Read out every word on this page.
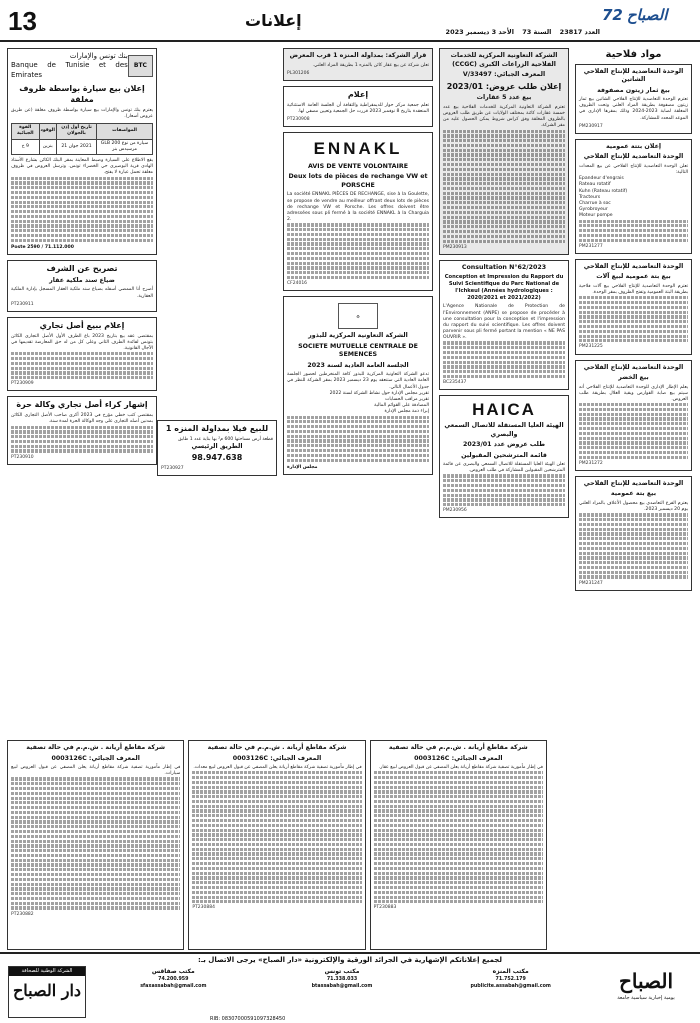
13	إعلانات	الصباح
72
العدد 23817 السنة 73 الأحد 3 ديسمبر 2023
مواد فلاحية
الوحدة التعاضدية للإنتاج الفلاحي الشاتين
بيع ثمار زيتون مصفوفة
تعتزم الوحدة التعاضدية للإنتاج الفلاحي الشاتين بيع ثمار زيتون مصفوفة بطريقة المزاد العلني وتحت الظروف المغلقة لصابة 2023-2024 وذلك بمقرها الإداري في الموعد المحدد للمشاركة.
PM230917
إعلان بتتة عمومية
الوحدة التعاضدية للإنتاج الفلاحي
تعلن الوحدة التعاضدية للإنتاج الفلاحي عن بيع المعدات التالية:
Epandeur d'engrais
Rateau rotatif
Kuhn (Rateau rotatif)
Tracteurs
Charrue à soc
Gyrobroyeur
Moteur pompe
PM231277
الوحدة التعاضدية للإنتاج الفلاحي
بيع بتة عمومية لبيع آلات
تعتزم الوحدة التعاضدية للإنتاج الفلاحي بيع آلات فلاحية بطريقة البتة العمومية وتفتح الظروف بمقر الوحدة.
PM231225
الوحدة التعاضدية للإنتاج الفلاحي
بيع الخضر
يعلم الإطار الإداري للوحدة التعاضدية للإنتاج الفلاحي أنه سيتم بيع صابة القوارص وبقية الغلال بطريقة طلب العروض.
PM231272
الوحدة التعاضدية للإنتاج الفلاحي
بيع بتة عمومية
يعتزم الفرع التعاضدي بيع محصول الأعلاف بالمزاد العلني يوم 20 ديسمبر 2023.
PM231247
الشركة التعاونية المركزية للخدمات الفلاحية الزراعات الكبرى (CCGC)
المعرف الجبائي: V/33497
إعلان طلب عروض: 2023/01
بيع عدد 5 عقارات
تعتزم الشركة التعاونية المركزية للخدمات الفلاحية بيع عدد خمسة عقارات كائنة بمختلف الولايات عن طريق طلب العروض بالظروف المغلقة وفق كراس شروط يمكن الحصول عليه من مقر الشركة.
PM230913
Consultation N°62/2023
Conception et Impression du Rapport du Suivi Scientifique du Parc National de l'Ichkeul (Années hydrologiques : 2020/2021 et 2021/2022)
L'Agence Nationale de Protection de l'Environnement (ANPE) se propose de procéder à une consultation pour la conception et l'impression du rapport du suivi scientifique. Les offres doivent parvenir sous pli fermé portant la mention « NE PAS OUVRIR ».
BC235437
HAICA
الهيئة العليا المستقلة للاتصال السمعي والبصري
طلب عروض عدد 2023/01
قائمة المترشحين المقبولين
تعلن الهيئة العليا المستقلة للاتصال السمعي والبصري عن قائمة المترشحين المقبولين للمشاركة في طلب العروض.
PM230956
قرار الشركة: بمداولة المنزه 1 قرب المعرض
تعلن شركة عن بيع عقار كائن بالمنزه 1 بطريقة المزاد العلني.
PL301206
إعلام
تعلم جمعية مركز حوار للديمقراطية والثقافة أن الجلسة العامة الاستثنائية المنعقدة بتاريخ 8 نوفمبر 2023 قررت حل الجمعية وتعيين مصفي لها.
PT230908
ENNAKL
AVIS DE VENTE VOLONTAIRE
Deux lots de pièces de rechange VW et PORSCHE
La société ENNAKL PIÈCES DE RECHANGE, sise à la Goulette, se propose de vendre au meilleur offrant deux lots de pièces de rechange VW et Porsche. Les offres doivent être adressées sous pli fermé à la société ENNAKL à la Charguia 2.
CF24016
⚙
الشركة التعاونية المركزية للبذور
SOCIETE MUTUELLE CENTRALE DE SEMENCES
الجلسة العامة العادية لسنة 2023
تدعو الشركة التعاونية المركزية للبذور كافة المنخرطين لحضور الجلسة العامة العادية التي ستنعقد يوم 23 ديسمبر 2023 بمقر الشركة للنظر في جدول الأعمال التالي.
تقرير مجلس الإدارة حول نشاط الشركة لسنة 2022
تقرير مراقب الحسابات
المصادقة على القوائم المالية
إبراء ذمة مجلس الإدارة
مجلس الإدارة
للبيع فيلا بمداولة المنزه 1
قطعة أرض مساحتها 600 م² بها بناية عدد 1 طابق
الطريق الرئيسي
98.947.638
PT230927
BTC
بنك تونس والإمارات
Banque de Tunisie et des Emirates
إعلان بيع سيارة بواسطة ظروف مغلقة
يعتزم بنك تونس والإمارات بيع سيارة بواسطة ظروف مغلقة (عن طريق عروض أسعار).
المواصفات	تاريخ أول إذن بالجولان	الوقود	القوة الجبائية
سيارة من نوع GLB 200 مرسيدس بنز	2021 جوان 21	بنزين	9 خ
يقع الاطلاع على السيارة وضبط المعاينة بمقر البنك الكائن بشارع الأستاذ الهادي قرية البوصيري حي الخضراء تونس. وترسل العروض في ظروف مغلقة تحمل عبارة لا يفتح.
Poste 2590 / 71.112.000
تصريح عن الشرف
ضياع سند ملكية عقار
أصرح أنا الممضي أسفله بضياع سند ملكية العقار المسجل بإدارة الملكية العقارية.
PT230911
إعلام ببيع أصل تجاري
بمقتضى عقد بيع بتاريخ 2023 باع الطرف الأول الأصل التجاري الكائن بتونس لفائدة الطرف الثاني وعلى كل من له حق المعارضة تقديمها في الآجال القانونية.
PT230909
إشهار كراء أصل تجاري وكالة حرة
بمقتضى كتب خطي مؤرخ في 2023 أكرى صاحب الأصل التجاري الكائن بمدنين أصله التجاري على وجه الوكالة الحرة لمدة سنة.
PT230910
شركة مقاطع أريانة . ش.م.م في حالة تصفية
المعرف الجبائي: 0003126C
في إطار مأمورية تصفية شركة مقاطع أريانة يعلن المصفي عن قبول العروض لبيع عقار.
PT230883
شركة مقاطع أريانة . ش.م.م في حالة تصفية
المعرف الجبائي: 0003126C
في إطار مأمورية تصفية شركة مقاطع أريانة يعلن المصفي عن قبول العروض لبيع معدات.
PT230884
شركة مقاطع أريانة . ش.م.م في حالة تصفية
المعرف الجبائي: 0003126C
في إطار مأمورية تصفية شركة مقاطع أريانة يعلن المصفي عن قبول العروض لبيع سيارات.
PT230882
لجميع إعلاناتكم الإشهارية في الجرائد الورقية والإلكترونية «دار الصباح» يرجى الاتصال بـ:
الصباح
يومية إخبارية سياسية جامعة
مكتب المنزه
71.752.179
publicite.assabah@gmail.com
مكتب تونس
71.338.033
btassabah@gmail.com
مكتب صفاقس
74.200.959
sfaxassabah@gmail.com
RIB: 08307000591097328450
الشركة الوطنية للصحافة
دار الصباح
